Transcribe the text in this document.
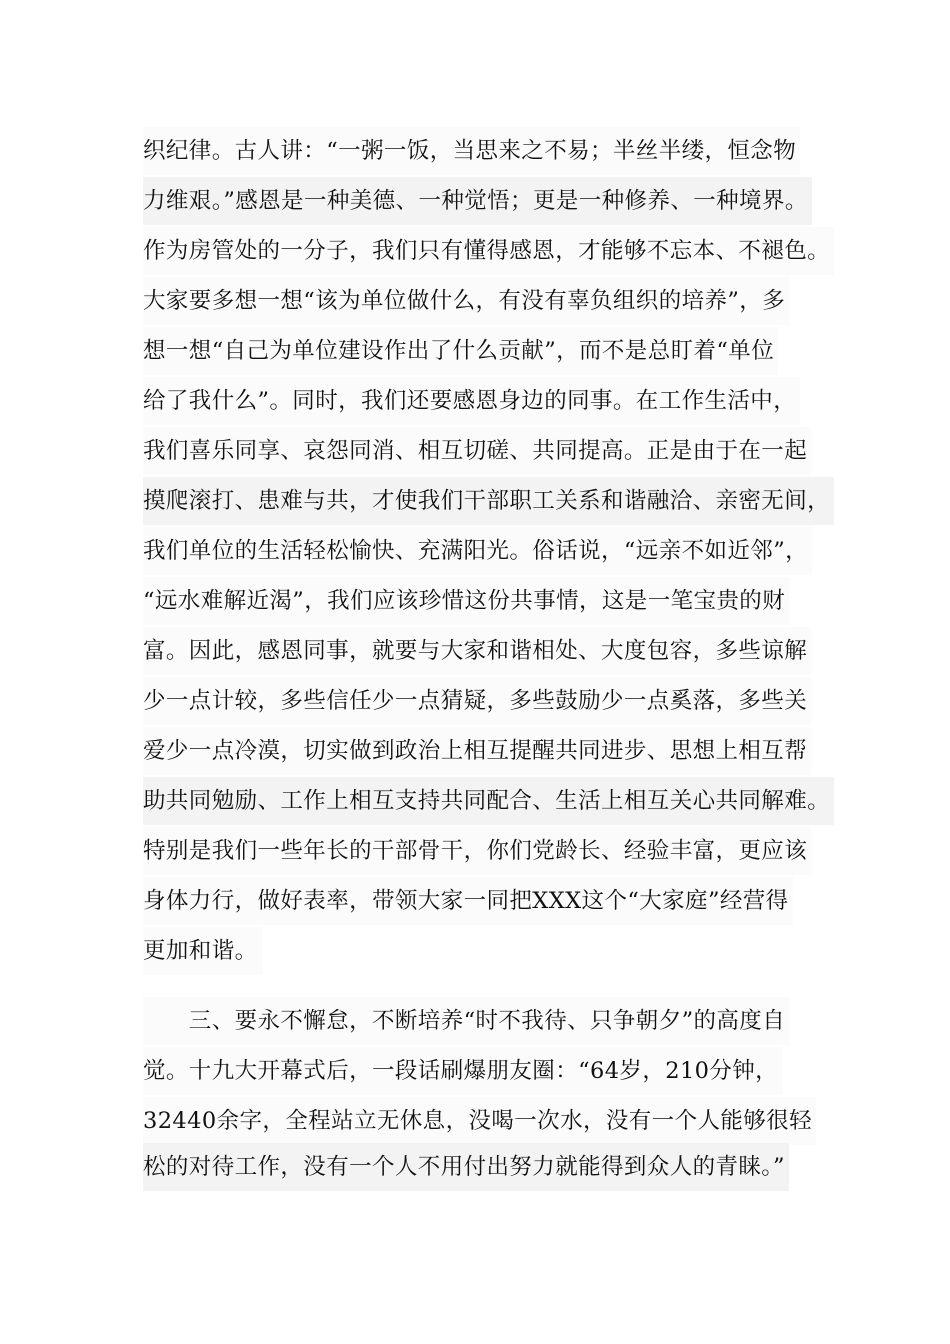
织纪律。古人讲：“一粥一饭，当思来之不易；半丝半缕，恒念物
力维艰。”感恩是一种美德、一种觉悟；更是一种修养、一种境界。
作为房管处的一分子，我们只有懂得感恩，才能够不忘本、不褪色。
大家要多想一想“该为单位做什么，有没有辜负组织的培养”，多
想一想“自己为单位建设作出了什么贡献”，而不是总盯着“单位
给了我什么”。同时，我们还要感恩身边的同事。在工作生活中，
我们喜乐同享、哀怨同消、相互切磋、共同提高。正是由于在一起
摸爬滚打、患难与共，才使我们干部职工关系和谐融洽、亲密无间，
我们单位的生活轻松愉快、充满阳光。俗话说，“远亲不如近邻”，
“远水难解近渴”，我们应该珍惜这份共事情，这是一笔宝贵的财
富。因此，感恩同事，就要与大家和谐相处、大度包容，多些谅解
少一点计较，多些信任少一点猜疑，多些鼓励少一点奚落，多些关
爱少一点冷漠，切实做到政治上相互提醒共同进步、思想上相互帮
助共同勉励、工作上相互支持共同配合、生活上相互关心共同解难。
特别是我们一些年长的干部骨干，你们党龄长、经验丰富，更应该
身体力行，做好表率，带领大家一同把XXX这个“大家庭”经营得
更加和谐。
　　三、要永不懈怠，不断培养“时不我待、只争朝夕”的高度自
觉。十九大开幕式后，一段话刷爆朋友圈：“64岁，210分钟，
32440余字，全程站立无休息，没喝一次水，没有一个人能够很轻
松的对待工作，没有一个人不用付出努力就能得到众人的青睐。”
